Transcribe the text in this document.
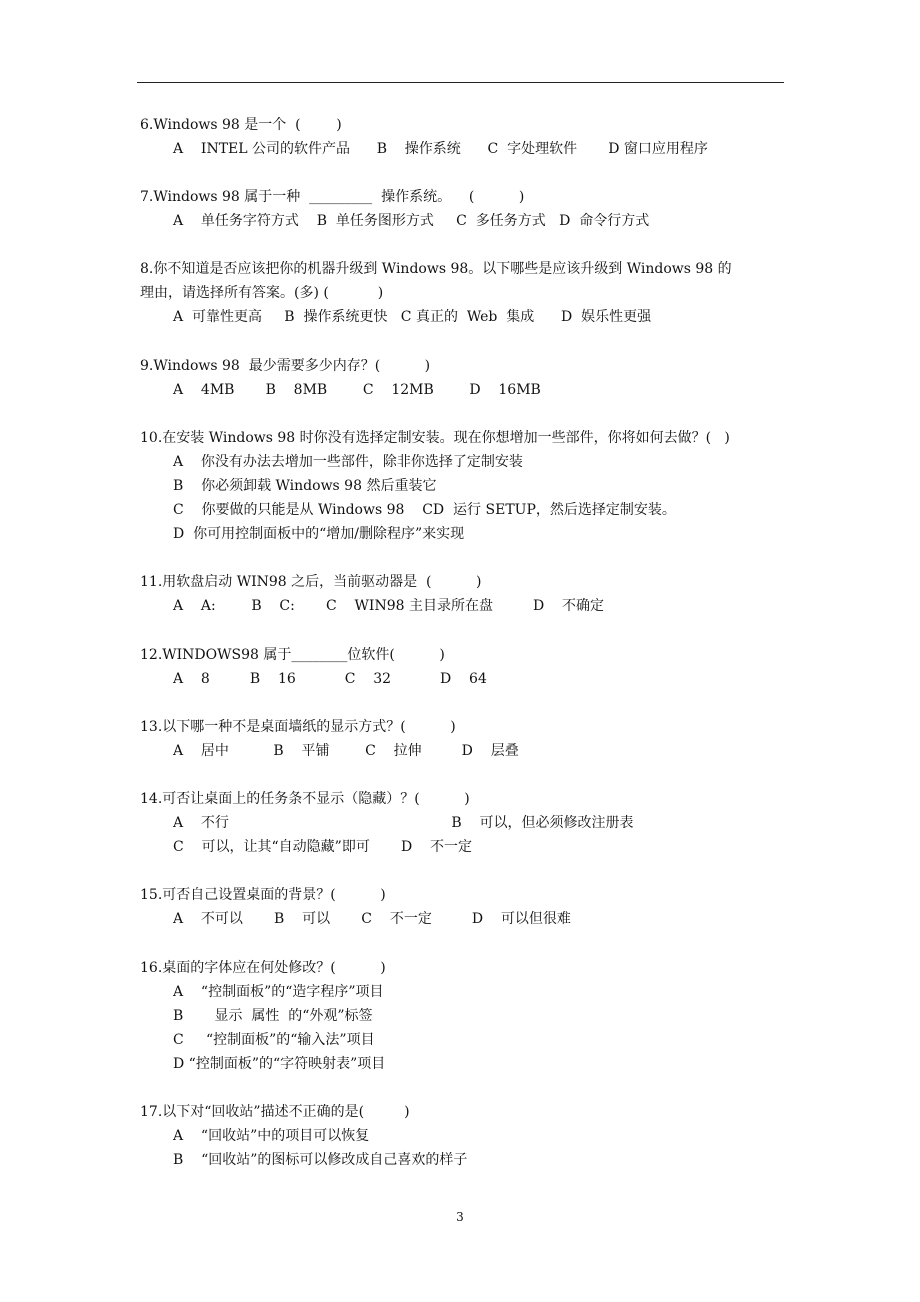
6.Windows 98 是一个  (        )
A    INTEL 公司的软件产品      B    操作系统      C  字处理软件       D 窗口应用程序
7.Windows 98 属于一种  _________  操作系统。    (          )
A    单任务字符方式    B  单任务图形方式     C  多任务方式   D  命令行方式
8.你不知道是否应该把你的机器升级到 Windows 98。以下哪些是应该升级到 Windows 98 的
理由，请选择所有答案。(多) (           )
A  可靠性更高     B  操作系统更快   C 真正的  Web  集成      D  娱乐性更强
9.Windows 98  最少需要多少内存？(          )
A    4MB       B    8MB        C    12MB        D    16MB
10.在安装 Windows 98 时你没有选择定制安装。现在你想增加一些部件，你将如何去做？(   )
A    你没有办法去增加一些部件，除非你选择了定制安装
B    你必须卸载 Windows 98 然后重装它
C    你要做的只能是从 Windows 98    CD  运行 SETUP，然后选择定制安装。
D  你可用控制面板中的“增加/删除程序”来实现
11.用软盘启动 WIN98 之后，当前驱动器是  (          )
A    A:        B    C:       C    WIN98 主目录所在盘         D    不确定
12.WINDOWS98 属于________位软件(          )
A    8         B    16           C    32           D    64
13.以下哪一种不是桌面墙纸的显示方式？(          )
A    居中          B    平铺        C    拉伸         D    层叠
14.可否让桌面上的任务条不显示（隐藏）？(          )
A    不行                                                  B    可以，但必须修改注册表
C    可以，让其“自动隐藏”即可       D    不一定
15.可否自己设置桌面的背景？(          )
A    不可以       B    可以       C    不一定         D    可以但很难
16.桌面的字体应在何处修改？(          )
A    “控制面板”的“造字程序”项目
B       显示  属性  的“外观”标签
C     “控制面板”的“输入法”项目
D “控制面板”的“字符映射表”项目
17.以下对“回收站”描述不正确的是(         )
A    “回收站”中的项目可以恢复
B    “回收站”的图标可以修改成自己喜欢的样子
3
